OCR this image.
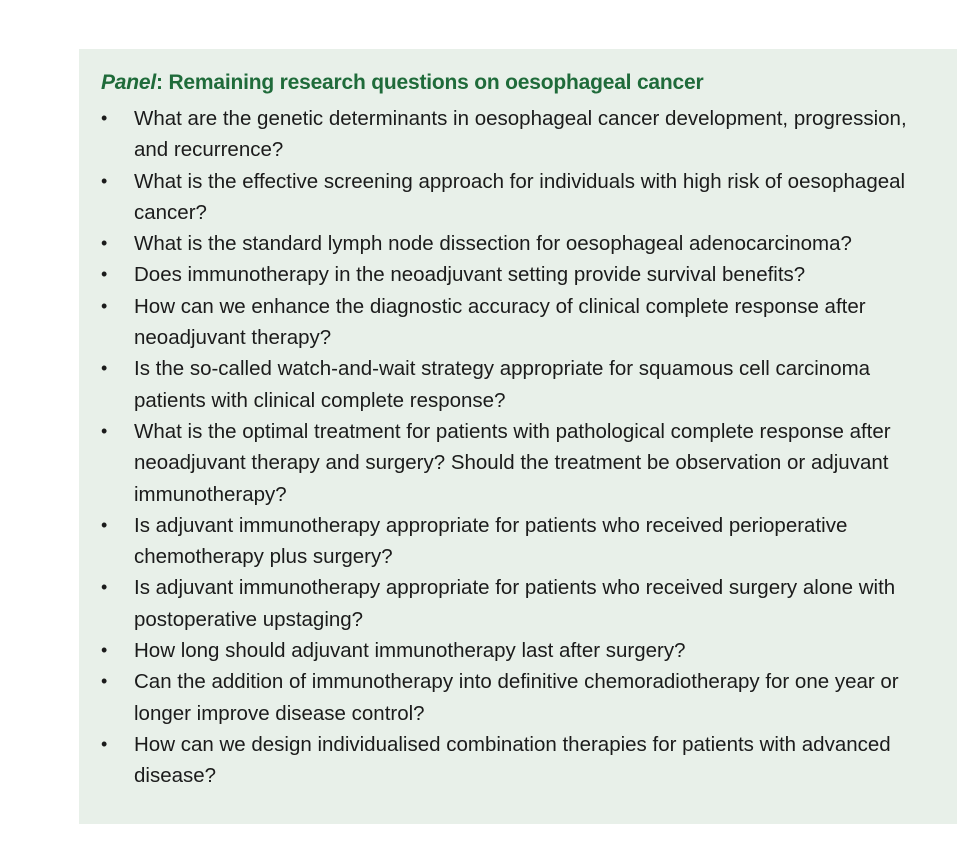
Panel: Remaining research questions on oesophageal cancer
•	What are the genetic determinants in oesophageal cancer development, progression, and recurrence?
•	What is the effective screening approach for individuals with high risk of oesophageal cancer?
•	What is the standard lymph node dissection for oesophageal adenocarcinoma?
•	Does immunotherapy in the neoadjuvant setting provide survival benefits?
•	How can we enhance the diagnostic accuracy of clinical complete response after neoadjuvant therapy?
•	Is the so-called watch-and-wait strategy appropriate for squamous cell carcinoma patients with clinical complete response?
•	What is the optimal treatment for patients with pathological complete response after neoadjuvant therapy and surgery? Should the treatment be observation or adjuvant immunotherapy?
•	Is adjuvant immunotherapy appropriate for patients who received perioperative chemotherapy plus surgery?
•	Is adjuvant immunotherapy appropriate for patients who received surgery alone with postoperative upstaging?
•	How long should adjuvant immunotherapy last after surgery?
•	Can the addition of immunotherapy into definitive chemoradiotherapy for one year or longer improve disease control?
•	How can we design individualised combination therapies for patients with advanced disease?
